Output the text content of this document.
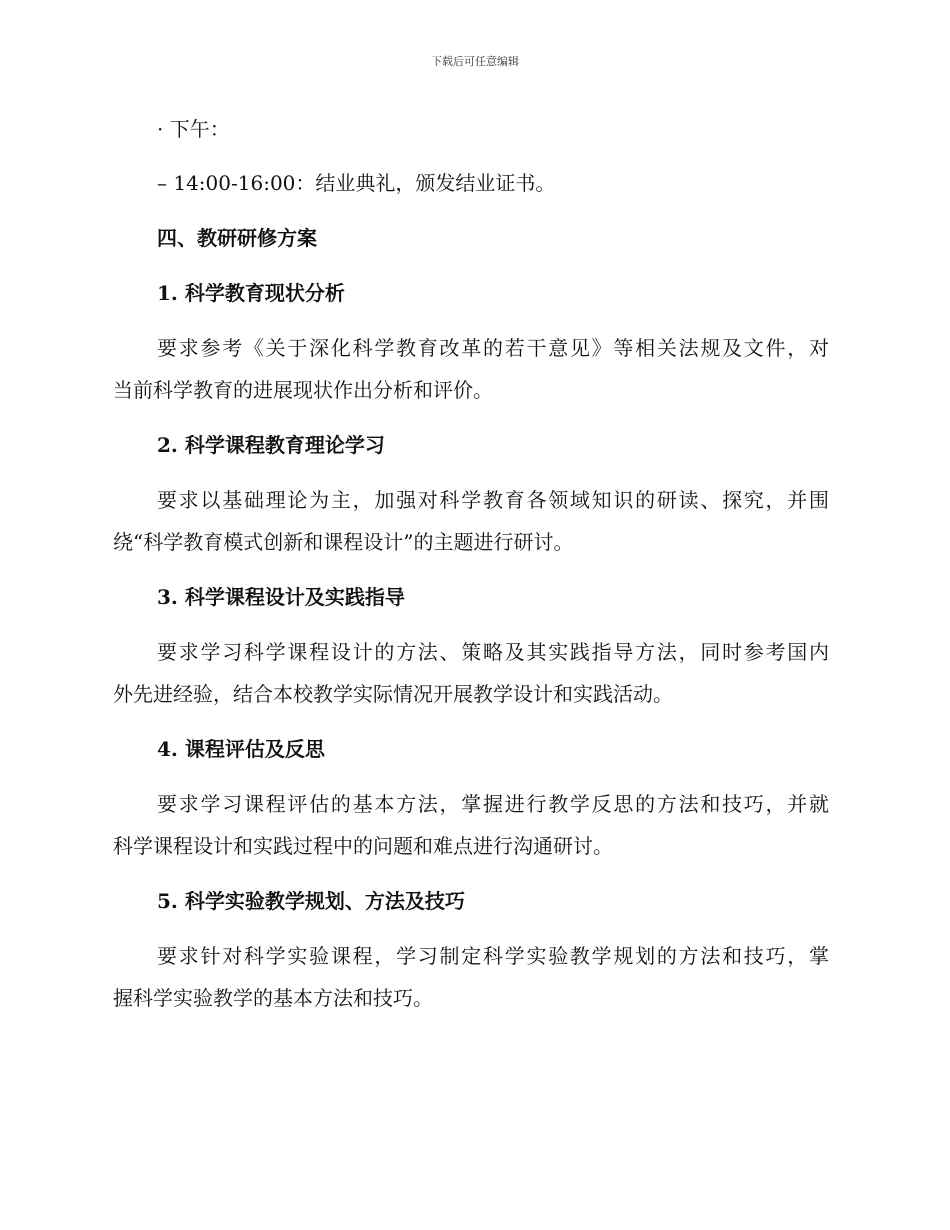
下载后可任意编辑
· 下午：
– 14:00-16:00：结业典礼，颁发结业证书。
四、教研研修方案
1. 科学教育现状分析
要求参考《关于深化科学教育改革的若干意见》等相关法规及文件，对
当前科学教育的进展现状作出分析和评价。
2. 科学课程教育理论学习
要求以基础理论为主，加强对科学教育各领域知识的研读、探究，并围
绕“科学教育模式创新和课程设计”的主题进行研讨。
3. 科学课程设计及实践指导
要求学习科学课程设计的方法、策略及其实践指导方法，同时参考国内
外先进经验，结合本校教学实际情况开展教学设计和实践活动。
4. 课程评估及反思
要求学习课程评估的基本方法，掌握进行教学反思的方法和技巧，并就
科学课程设计和实践过程中的问题和难点进行沟通研讨。
5. 科学实验教学规划、方法及技巧
要求针对科学实验课程，学习制定科学实验教学规划的方法和技巧，掌
握科学实验教学的基本方法和技巧。
